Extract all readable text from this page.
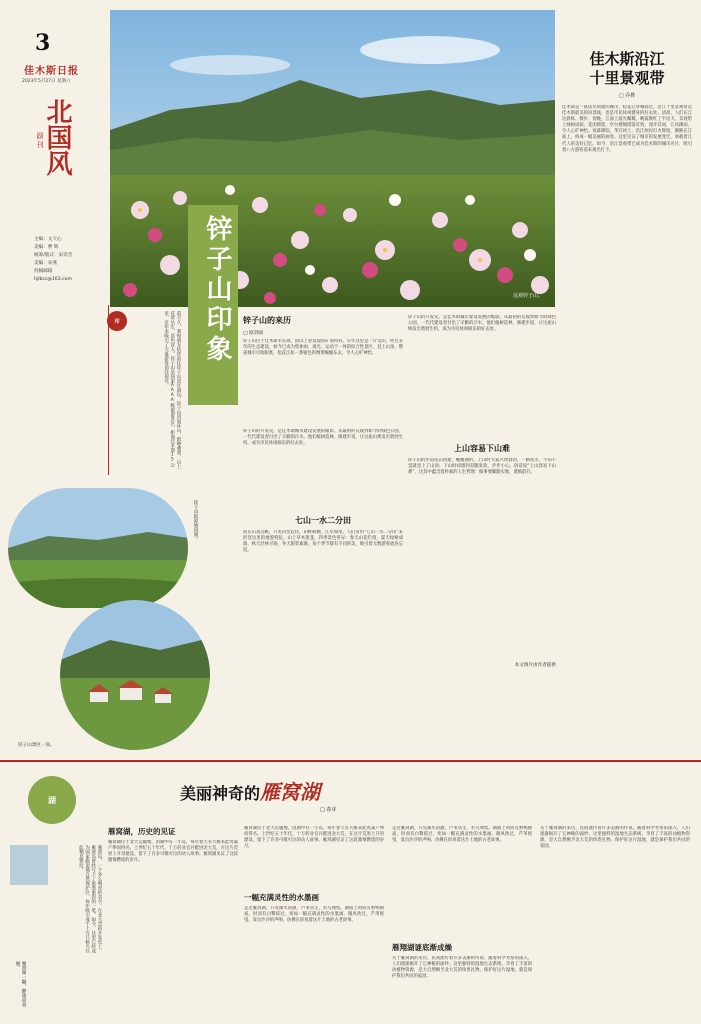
3
佳木斯日报
2023年5月27日 星期六
北国风
副刊
主编：文天心
美编：曹 辉
统筹/版式：宋诗音
美编：宋燕
投稿邮箱
hjlbsc@163.com
远观锌子山。
佳木斯沿江
十里景观带
□ 乔桦
佳木斯是一座依水而建的城市，松花江穿城而过。沿江十里景观带是佳木斯最美的风景线，也是市民休闲健身的好去处。清晨，人们在江边晨练、散步；傍晚，江面上波光粼粼，晚霞映红了半边天。景观带上绿树成荫，花团锦簇，亭台楼阁错落有致。漫步其间，江风拂面，令人心旷神怡。夜幕降临，华灯初上，沿江两岸灯火辉煌，倒映在江面上，构成一幅美丽的画卷。这里见证了城市的发展变迁，承载着几代人的美好记忆。如今，沿江景观带已成为佳木斯的城市名片，吸引着八方游客前来观光打卡。
锌子山印象
印	前不久，我和朋友结伴前往锌子山景区游玩。锌子山四面环山，群峰叠翠，山上花草丛生、景色宜人。锌子山是国家AAAA级旅游景区，距离佳木斯15公里，近年来吸引了大量游客前往观光。	锌子山的来历
□ 原剑南
锌子山位于佳木斯市东郊，因山上曾发现锌矿而得名。早年这里是一片荒山，经过多年的生态建设，如今已成为集休闲、观光、运动于一体的综合性景区。登上山顶，整座城市尽收眼底，松花江如一条银色的绸带蜿蜒东去，令人心旷神怡。
锌子山的开发史，是佳木斯城市建设发展的缩影。从最初的荒坡到如今的绿色公园，一代代建设者付出了辛勤的汗水。他们植树造林，修建步道，让这座山焕发出勃勃生机，成为市民休闲娱乐的好去处。
七山一水二分田
站在山顶远眺，只见山峦起伏，田野纵横，江水如带。人们常用“七山一水二分田”来形容这里的地貌特征。山上草木葱茏，四季景色各异：春天山花烂漫，夏天绿树成荫，秋天层林尽染，冬天银装素裹。每个季节都有不同的美，吸引着无数游客流连忘返。
锌子山的开发史，是佳木斯城市建设发展的缩影。从最初的荒坡到如今的绿色公园，一代代建设者付出了辛勤的汗水。他们植树造林，修建步道，让这座山焕发出勃勃生机，成为市民休闲娱乐的好去处。
上山容易下山难
锌子山的步道依山而建，蜿蜒曲折。上山时大家兴致勃勃，一路说笑，不知不觉就登上了山顶；下山时却感到双腿发软，步步小心。俗话说“上山容易下山难”，这其中蕴含着朴素的人生哲理：做事要脚踏实地，谨慎前行。
本文图片由作者提供
锌子山的原始风貌。
锌子山景区一角。
湖	美丽神奇的雁窝湖
□ 春芽
雁窝岛，一个多么响亮的名字。在北大荒的开发史上，雁窝岛曾经写下了浓墨重彩的一笔。如今，这里已经成为国家级湿地自然保护区，每年吸引成千上万只候鸟在此栖息繁衍。
雁窝湖一隅，静谧而美丽。
雁窝湖，历史的见证
雁窝湖位于北大荒腹地，因湖中有一小岛，每年春天有大雁来此筑巢产卵而得名。上世纪五十年代，十万转业官兵挺进北大荒，在这片荒原上开垦建设，留下了许多可歌可泣的动人故事。雁窝湖见证了这段激情燃烧的岁月。
雁窝湖位于北大荒腹地，因湖中有一小岛，每年春天有大雁来此筑巢产卵而得名。上世纪五十年代，十万转业官兵挺进北大荒，在这片荒原上开垦建设，留下了许多可歌可泣的动人故事。雁窝湖见证了这段激情燃烧的岁月。
一幅充满灵性的水墨画
走近雁窝湖，只见湖水清澈，芦苇丛生，水鸟翔集。湖面上时而有野鸭嬉戏，时而有白鹭掠过，宛如一幅充满灵性的水墨画。微风吹过，芦苇摇曳，发出沙沙的声响，仿佛在诉说着这片土地的古老故事。
走近雁窝湖，只见湖水清澈，芦苇丛生，水鸟翔集。湖面上时而有野鸭嬉戏，时而有白鹭掠过，宛如一幅充满灵性的水墨画。微风吹过，芦苇摇曳，发出沙沙的声响，仿佛在诉说着这片土地的古老故事。
雁翔湖谜底渐成燥
关于雁窝湖的来历，民间流传着许多美丽的传说。随着科学考察的深入，人们逐渐揭开了它神秘的面纱。这里独特的湿地生态系统，孕育了丰富的动植物资源，是大自然赐予北大荒的珍贵礼物。保护好这片湿地，就是保护我们共同的家园。
关于雁窝湖的来历，民间流传着许多美丽的传说。随着科学考察的深入，人们逐渐揭开了它神秘的面纱。这里独特的湿地生态系统，孕育了丰富的动植物资源，是大自然赐予北大荒的珍贵礼物。保护好这片湿地，就是保护我们共同的家园。
